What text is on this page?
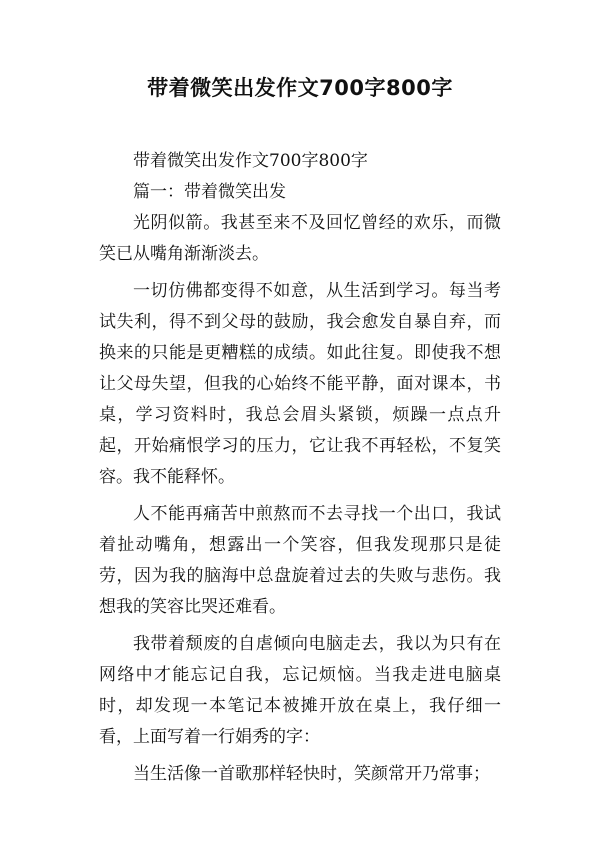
带着微笑出发作文700字800字

带着微笑出发作文700字800字

篇一：带着微笑出发

光阴似箭。我甚至来不及回忆曾经的欢乐，而微笑已从嘴角渐渐淡去。

一切仿佛都变得不如意，从生活到学习。每当考试失利，得不到父母的鼓励，我会愈发自暴自弃，而换来的只能是更糟糕的成绩。如此往复。即使我不想让父母失望，但我的心始终不能平静，面对课本，书桌，学习资料时，我总会眉头紧锁，烦躁一点点升起，开始痛恨学习的压力，它让我不再轻松，不复笑容。我不能释怀。

人不能再痛苦中煎熬而不去寻找一个出口，我试着扯动嘴角，想露出一个笑容，但我发现那只是徒劳，因为我的脑海中总盘旋着过去的失败与悲伤。我想我的笑容比哭还难看。

我带着颓废的自虐倾向电脑走去，我以为只有在网络中才能忘记自我，忘记烦恼。当我走进电脑桌时，却发现一本笔记本被摊开放在桌上，我仔细一看，上面写着一行娟秀的字：

当生活像一首歌那样轻快时，笑颜常开乃常事；
